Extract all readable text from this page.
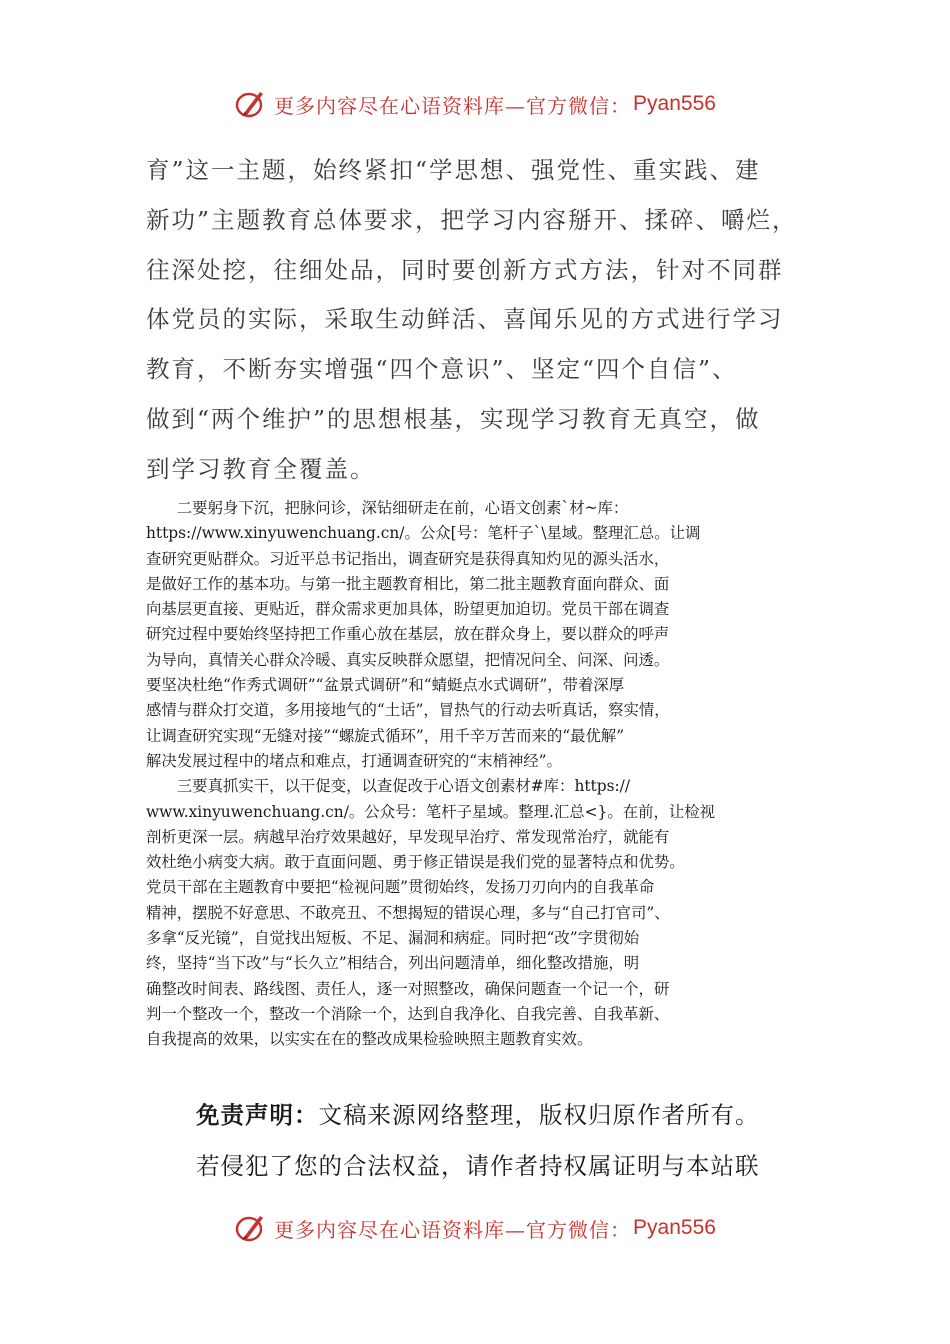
更多内容尽在心语资料库—官方微信： Pyan556
育”这一主题，始终紧扣“学思想、强党性、重实践、建
新功”主题教育总体要求，把学习内容掰开、揉碎、嚼烂，
往深处挖，往细处品，同时要创新方式方法，针对不同群
体党员的实际，采取生动鲜活、喜闻乐见的方式进行学习
教育，不断夯实增强“四个意识”、坚定“四个自信”、
做到“两个维护”的思想根基，实现学习教育无真空，做
到学习教育全覆盖。
　　二要躬身下沉，把脉问诊，深钻细研走在前，心语文创素`材~库：
https://www.xinyuwenchuang.cn/。公众[号：笔杆子`\星域。整理汇总。让调
查研究更贴群众。习近平总书记指出，调查研究是获得真知灼见的源头活水，
是做好工作的基本功。与第一批主题教育相比，第二批主题教育面向群众、面
向基层更直接、更贴近，群众需求更加具体，盼望更加迫切。党员干部在调查
研究过程中要始终坚持把工作重心放在基层，放在群众身上，要以群众的呼声
为导向，真情关心群众冷暖、真实反映群众愿望，把情况问全、问深、问透。
要坚决杜绝“作秀式调研”“盆景式调研”和“蜻蜓点水式调研”，带着深厚
感情与群众打交道，多用接地气的“土话”，冒热气的行动去听真话，察实情，
让调查研究实现“无缝对接”“螺旋式循环”，用千辛万苦而来的“最优解”
解决发展过程中的堵点和难点，打通调查研究的“末梢神经”。
　　三要真抓实干，以干促变，以查促改于心语文创素材#库：https://
www.xinyuwenchuang.cn/。公众号：笔杆子星域。整理.汇总<}。在前，让检视
剖析更深一层。病越早治疗效果越好，早发现早治疗、常发现常治疗，就能有
效杜绝小病变大病。敢于直面问题、勇于修正错误是我们党的显著特点和优势。
党员干部在主题教育中要把“检视问题”贯彻始终，发扬刀刃向内的自我革命
精神，摆脱不好意思、不敢亮丑、不想揭短的错误心理，多与“自己打官司”、
多拿“反光镜”，自觉找出短板、不足、漏洞和病症。同时把“改”字贯彻始
终，坚持“当下改”与“长久立”相结合，列出问题清单，细化整改措施，明
确整改时间表、路线图、责任人，逐一对照整改，确保问题查一个记一个，研
判一个整改一个，整改一个消除一个，达到自我净化、自我完善、自我革新、
自我提高的效果，以实实在在的整改成果检验映照主题教育实效。
免责声明：文稿来源网络整理，版权归原作者所有。
若侵犯了您的合法权益，请作者持权属证明与本站联
更多内容尽在心语资料库—官方微信： Pyan556
